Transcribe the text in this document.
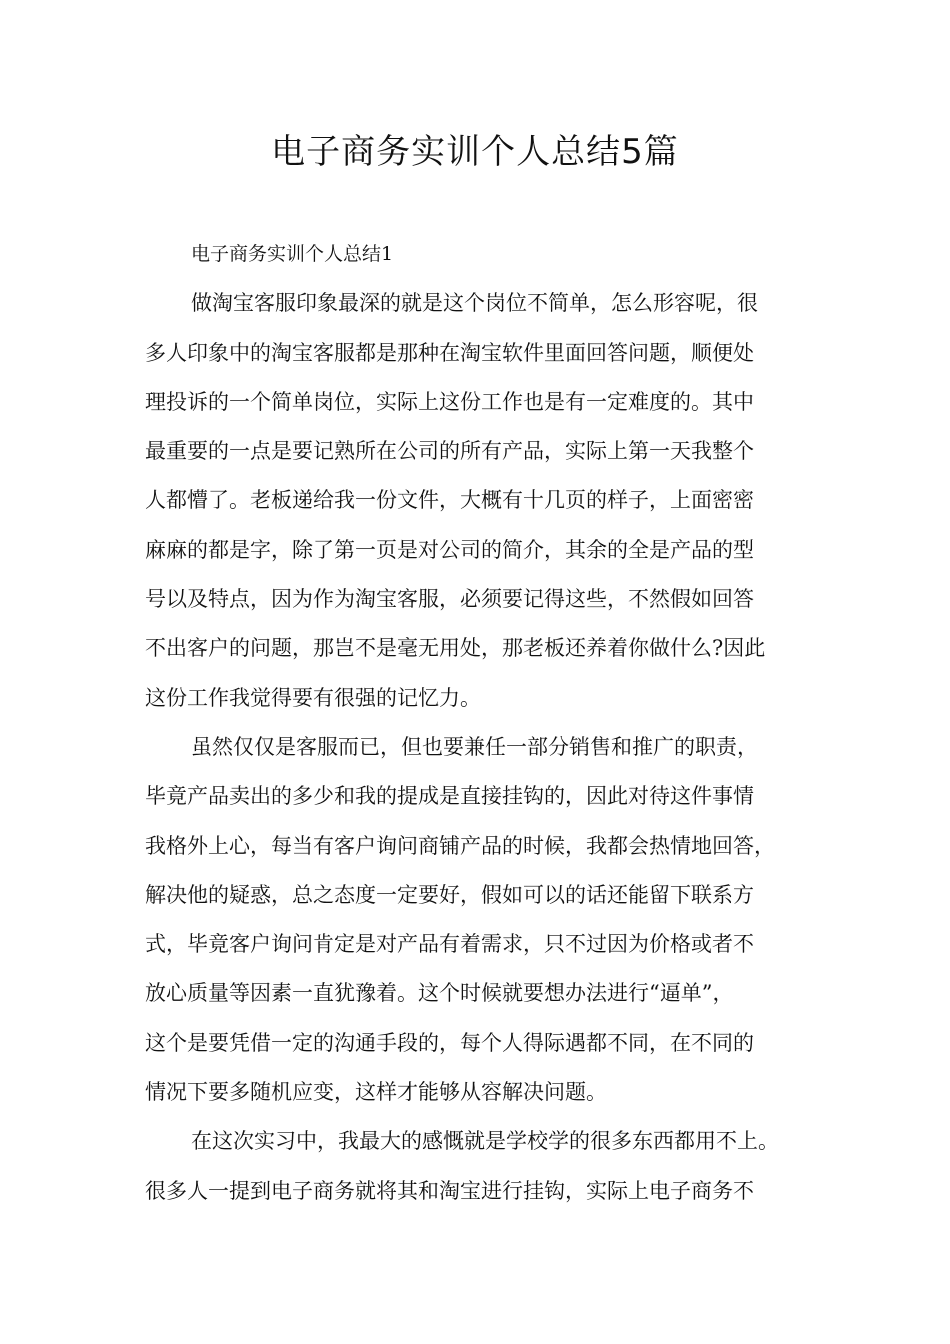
电子商务实训个人总结5篇
电子商务实训个人总结1
做淘宝客服印象最深的就是这个岗位不简单，怎么形容呢，很
多人印象中的淘宝客服都是那种在淘宝软件里面回答问题，顺便处
理投诉的一个简单岗位，实际上这份工作也是有一定难度的。其中
最重要的一点是要记熟所在公司的所有产品，实际上第一天我整个
人都懵了。老板递给我一份文件，大概有十几页的样子，上面密密
麻麻的都是字，除了第一页是对公司的简介，其余的全是产品的型
号以及特点，因为作为淘宝客服，必须要记得这些，不然假如回答
不出客户的问题，那岂不是毫无用处，那老板还养着你做什么?因此
这份工作我觉得要有很强的记忆力。
虽然仅仅是客服而已，但也要兼任一部分销售和推广的职责，
毕竟产品卖出的多少和我的提成是直接挂钩的，因此对待这件事情
我格外上心，每当有客户询问商铺产品的时候，我都会热情地回答，
解决他的疑惑，总之态度一定要好，假如可以的话还能留下联系方
式，毕竟客户询问肯定是对产品有着需求，只不过因为价格或者不
放心质量等因素一直犹豫着。这个时候就要想办法进行“逼单”，
这个是要凭借一定的沟通手段的，每个人得际遇都不同，在不同的
情况下要多随机应变，这样才能够从容解决问题。
在这次实习中，我最大的感慨就是学校学的很多东西都用不上。
很多人一提到电子商务就将其和淘宝进行挂钩，实际上电子商务不
